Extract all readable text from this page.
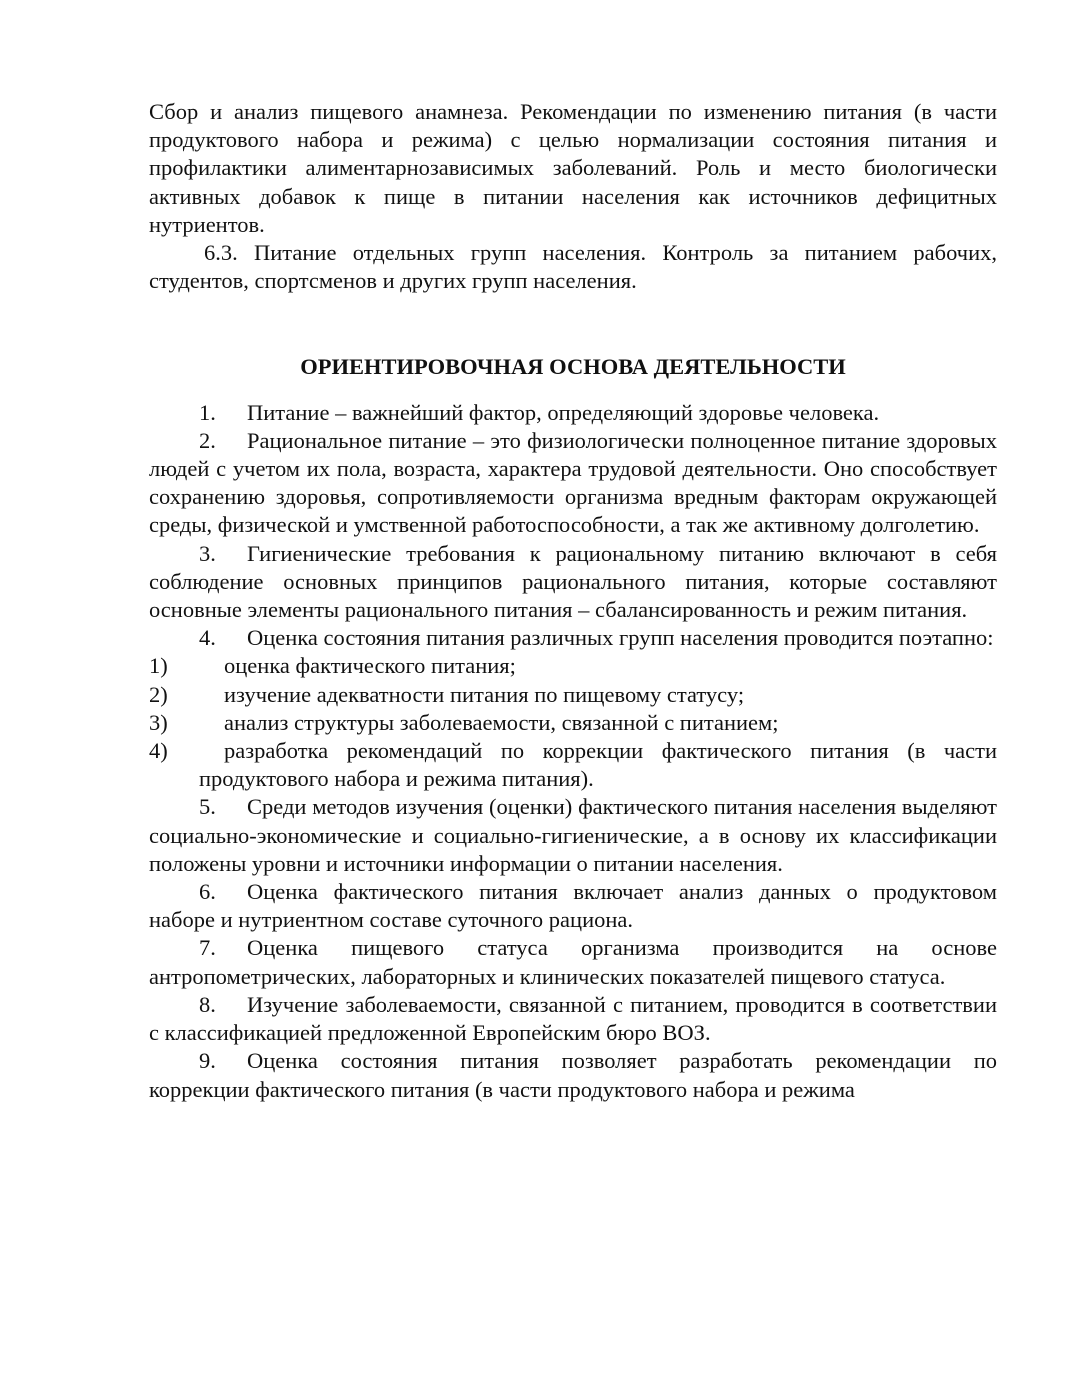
Сбор и анализ пищевого анамнеза. Рекомендации по изменению питания (в части продуктового набора и режима) с целью нормализации состояния питания и профилактики алиментарнозависимых заболеваний. Роль и место биологически активных добавок к пище в питании населения как источников дефицитных нутриентов.

6.3. Питание отдельных групп населения. Контроль за питанием рабочих, студентов, спортсменов и других групп населения.

ОРИЕНТИРОВОЧНАЯ ОСНОВА ДЕЯТЕЛЬНОСТИ

1. Питание – важнейший фактор, определяющий здоровье человека.

2. Рациональное питание – это физиологически полноценное питание здоровых людей с учетом их пола, возраста, характера трудовой деятельности. Оно способствует сохранению здоровья, сопротивляемости организма вредным факторам окружающей среды, физической и умственной работоспособности, а так же активному долголетию.

3. Гигиенические требования к рациональному питанию включают в себя соблюдение основных принципов рационального питания, которые составляют основные элементы рационального питания – сбалансированность и режим питания.

4. Оценка состояния питания различных групп населения проводится поэтапно:

1)	оценка фактического питания;

2)	изучение адекватности питания по пищевому статусу;

3)	анализ структуры заболеваемости, связанной с питанием;

4)	разработка рекомендаций по коррекции фактического питания (в части продуктового набора и режима питания).

5. Среди методов изучения (оценки) фактического питания населения выделяют социально-экономические и социально-гигиенические, а в основу их классификации положены уровни и источники информации о питании населения.

6. Оценка фактического питания включает анализ данных о продуктовом наборе и нутриентном составе суточного рациона.

7. Оценка пищевого статуса организма производится на основе антропометрических, лабораторных и клинических показателей пищевого статуса.

8. Изучение заболеваемости, связанной с питанием, проводится в соответствии с классификацией предложенной Европейским бюро ВОЗ.

9. Оценка состояния питания позволяет разработать рекомендации по коррекции фактического питания (в части продуктового набора и режима
